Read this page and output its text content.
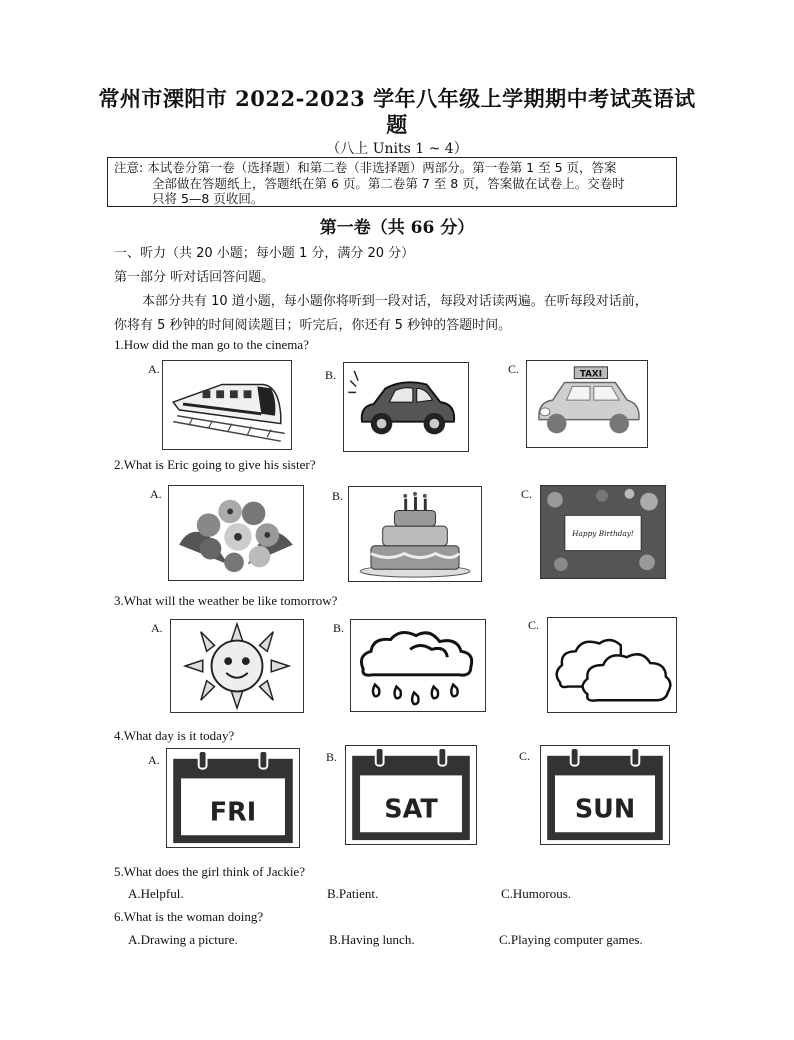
常州市溧阳市 2022-2023 学年八年级上学期期中考试英语试
题
（八上 Units 1 ~ 4）
注意: 本试卷分第一卷（选择题）和第二卷（非选择题）两部分。第一卷第 1 至 5 页，答案
全部做在答题纸上，答题纸在第 6 页。第二卷第 7 至 8 页，答案做在试卷上。交卷时
只将 5—8 页收回。
第一卷（共 66 分）
一、听力（共 20 小题；每小题 1 分，满分 20 分）
第一部分 听对话回答问题。
本部分共有 10 道小题，每小题你将听到一段对话，每段对话读两遍。在听每段对话前，
你将有 5 秒钟的时间阅读题目；听完后，你还有 5 秒钟的答题时间。
1.How did the man go to the cinema?
A.	B.	C.	TAXI
2.What is Eric going to give his sister?
A.	B.	C.
Happy Birthday!
3.What will the weather be like tomorrow?
A.	B.	C.
4.What day is it today?
A.	B.	C.
FRI	SAT	SUN
5.What does the girl think of Jackie?
A.Helpful.	B.Patient.	C.Humorous.
6.What is the woman doing?
A.Drawing a picture.	B.Having lunch.	C.Playing computer games.
